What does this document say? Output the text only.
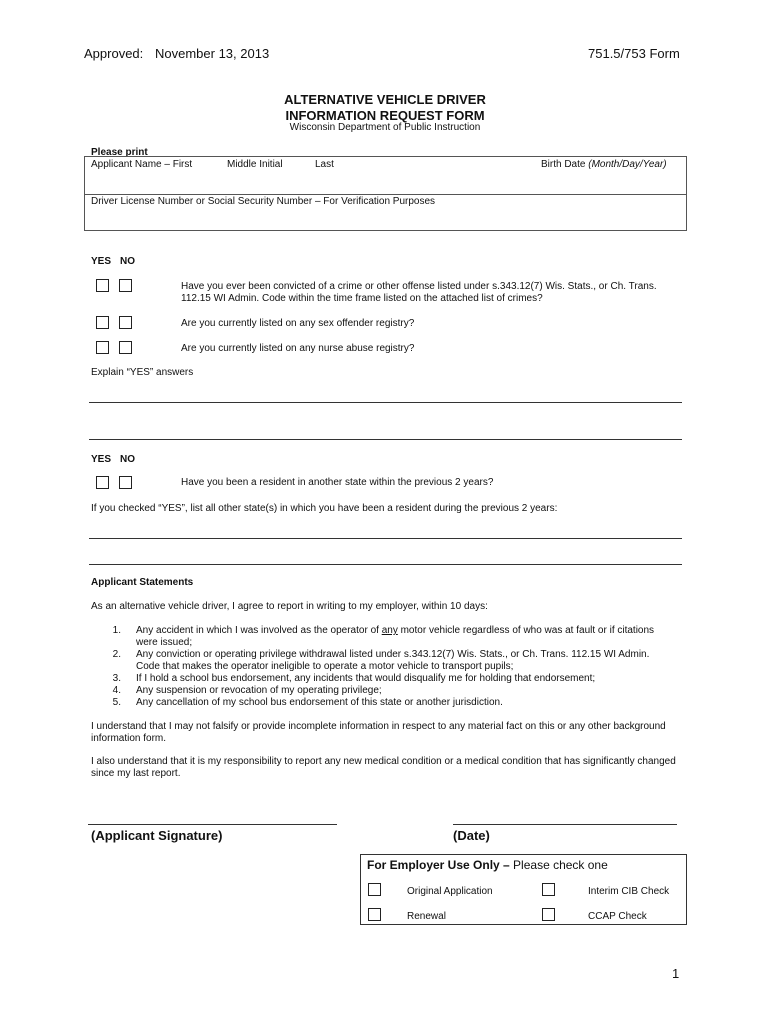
Approved: November 13, 2013	751.5/753 Form
ALTERNATIVE VEHICLE DRIVER
INFORMATION REQUEST FORM
Wisconsin Department of Public Instruction
Please print
Applicant Name – First	Middle Initial	Last	Birth Date (Month/Day/Year)
Driver License Number or Social Security Number – For Verification Purposes
YES NO
Have you ever been convicted of a crime or other offense listed under s.343.12(7) Wis. Stats., or Ch. Trans.
112.15 WI Admin. Code within the time frame listed on the attached list of crimes?
Are you currently listed on any sex offender registry?
Are you currently listed on any nurse abuse registry?
Explain “YES” answers
YES NO
Have you been a resident in another state within the previous 2 years?
If you checked “YES”, list all other state(s) in which you have been a resident during the previous 2 years:
Applicant Statements
As an alternative vehicle driver, I agree to report in writing to my employer, within 10 days:
1. Any accident in which I was involved as the operator of any motor vehicle regardless of who was at fault or if citations
were issued;
2. Any conviction or operating privilege withdrawal listed under s.343.12(7) Wis. Stats., or Ch. Trans. 112.15 WI Admin.
Code that makes the operator ineligible to operate a motor vehicle to transport pupils;
3. If I hold a school bus endorsement, any incidents that would disqualify me for holding that endorsement;
4. Any suspension or revocation of my operating privilege;
5. Any cancellation of my school bus endorsement of this state or another jurisdiction.
I understand that I may not falsify or provide incomplete information in respect to any material fact on this or any other background
information form.
I also understand that it is my responsibility to report any new medical condition or a medical condition that has significantly changed
since my last report.
(Applicant Signature)	(Date)
For Employer Use Only – Please check one
Original Application	Interim CIB Check
Renewal	CCAP Check
1
